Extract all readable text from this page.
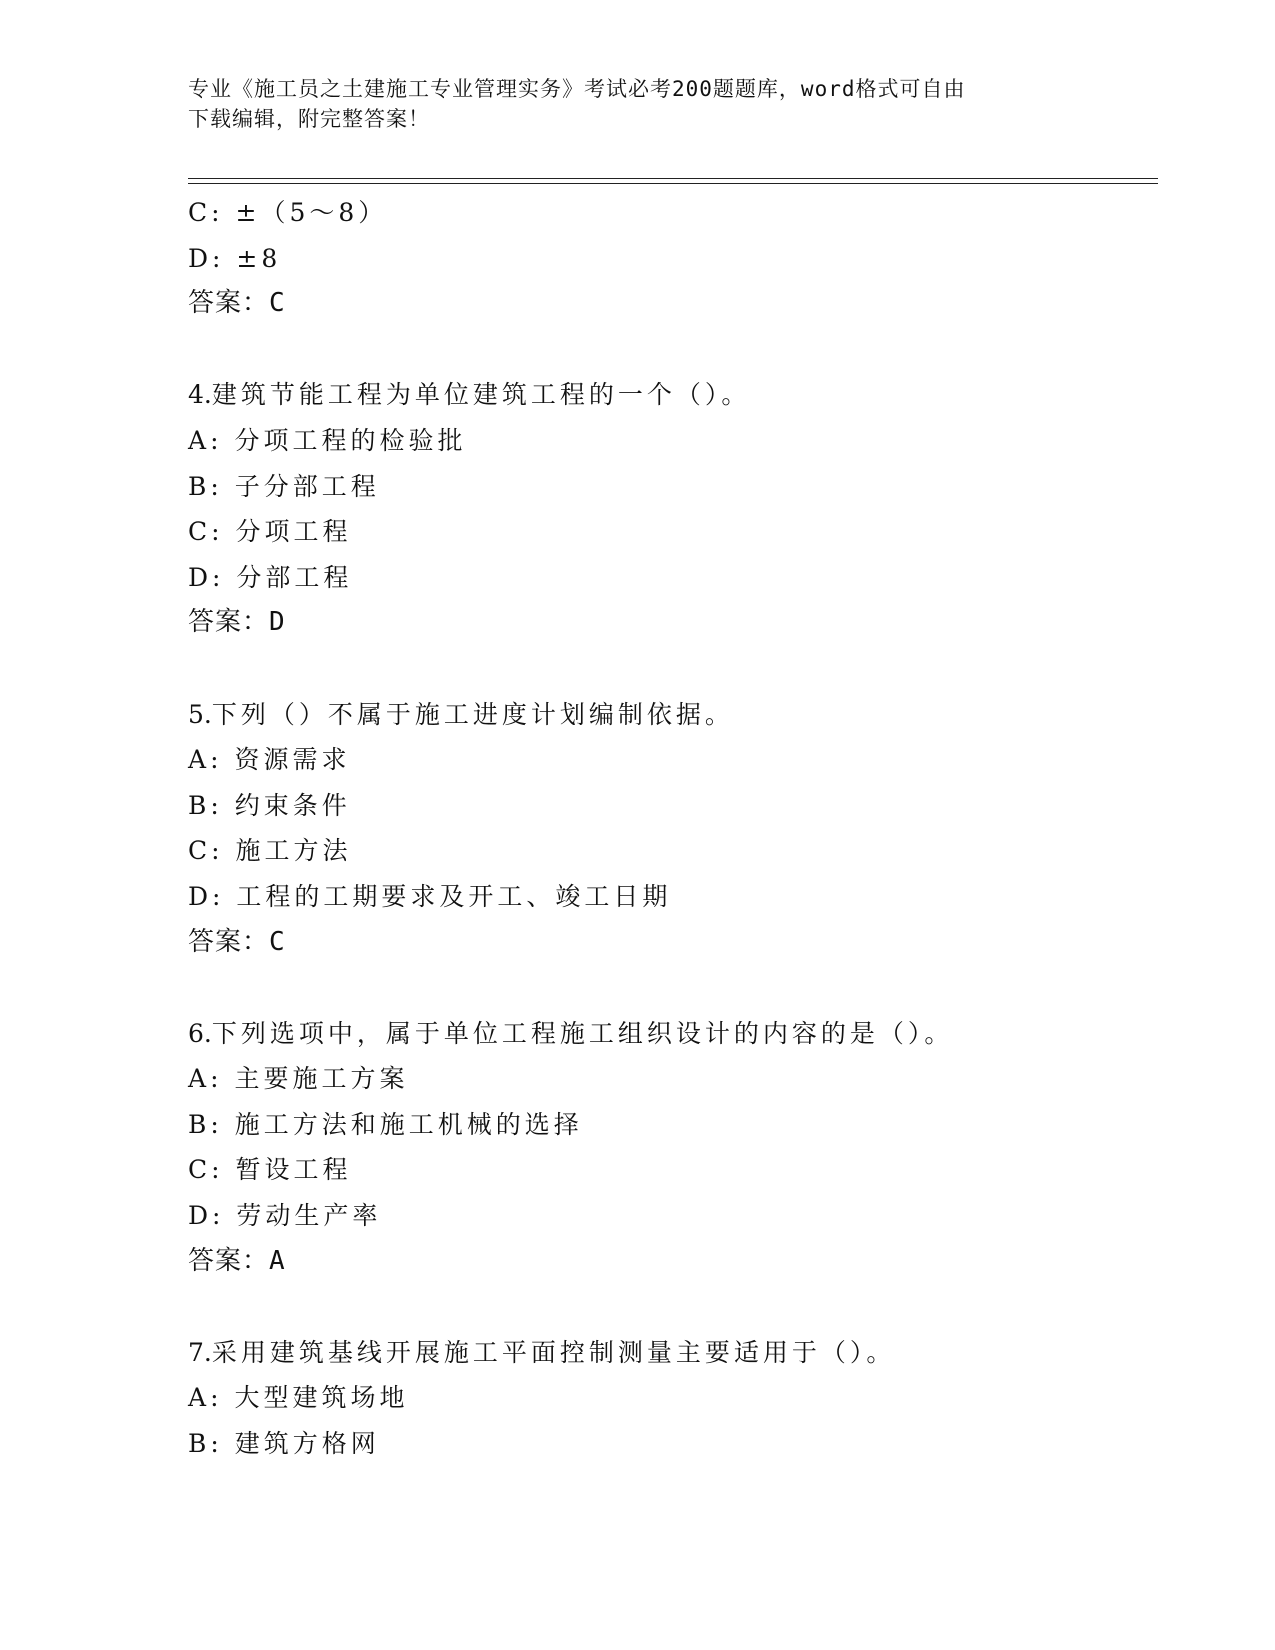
专业《施工员之土建施工专业管理实务》考试必考200题题库，word格式可自由
下载编辑，附完整答案！
C: ±（5～8）
D: ±8
答案：C
4.建筑节能工程为单位建筑工程的一个（）。
A: 分项工程的检验批
B: 子分部工程
C: 分项工程
D: 分部工程
答案：D
5.下列（）不属于施工进度计划编制依据。
A: 资源需求
B: 约束条件
C: 施工方法
D: 工程的工期要求及开工、竣工日期
答案：C
6.下列选项中，属于单位工程施工组织设计的内容的是（）。
A: 主要施工方案
B: 施工方法和施工机械的选择
C: 暂设工程
D: 劳动生产率
答案：A
7.采用建筑基线开展施工平面控制测量主要适用于（）。
A: 大型建筑场地
B: 建筑方格网
